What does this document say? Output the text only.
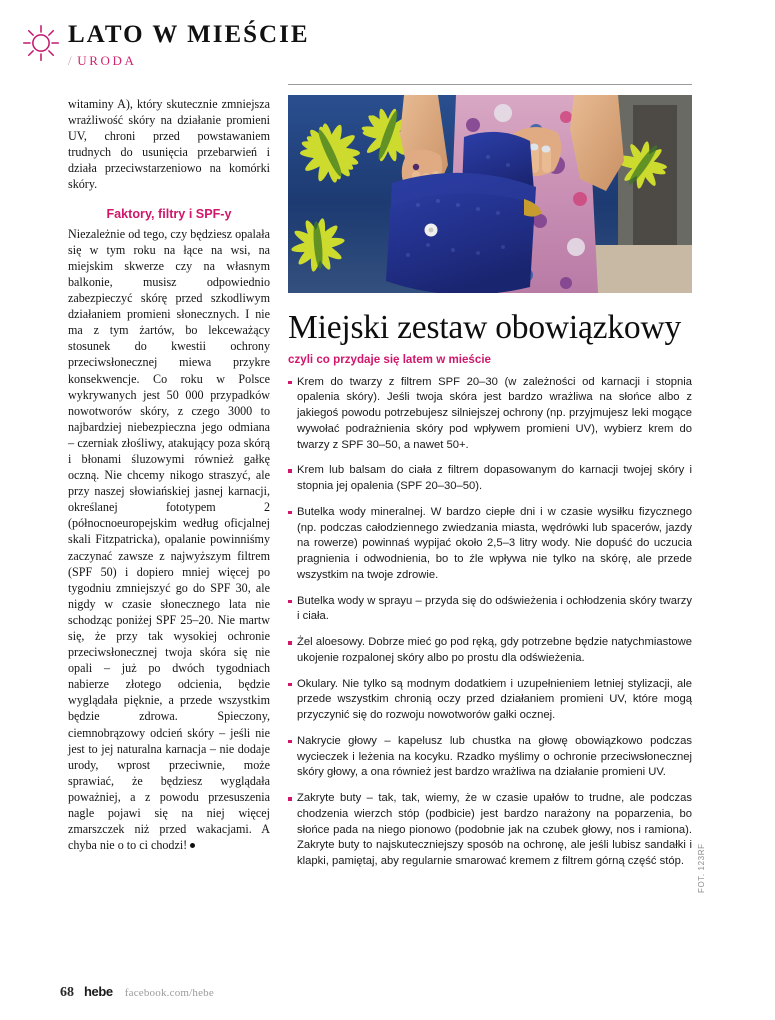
LATO W MIEŚCIE
/ URODA

witaminy A), który skutecznie zmniejsza wrażliwość skóry na działanie promieni UV, chroni przed powstawaniem trudnych do usunięcia przebarwień i działa przeciwstarzeniowo na komórki skóry.

Faktory, filtry i SPF-y

Niezależnie od tego, czy będziesz opalała się w tym roku na łące na wsi, na miejskim skwerze czy na własnym balkonie, musisz odpowiednio zabezpieczyć skórę przed szkodliwym działaniem promieni słonecznych. I nie ma z tym żartów, bo lekceważący stosunek do kwestii ochrony przeciwsłonecznej miewa przykre konsekwencje. Co roku w Polsce wykrywanych jest 50 000 przypadków nowotworów skóry, z czego 3000 to najbardziej niebezpieczna jego odmiana – czerniak złośliwy, atakujący poza skórą i błonami śluzowymi również gałkę oczną. Nie chcemy nikogo straszyć, ale przy naszej słowiańskiej jasnej karnacji, określanej fototypem 2 (północnoeuropejskim według oficjalnej skali Fitzpatricka), opalanie powinniśmy zaczynać zawsze z najwyższym filtrem (SPF 50) i dopiero mniej więcej po tygodniu zmniejszyć go do SPF 30, ale nigdy w czasie słonecznego lata nie schodząc poniżej SPF 25–20. Nie martw się, że przy tak wysokiej ochronie przeciwsłonecznej twoja skóra się nie opali – już po dwóch tygodniach nabierze złotego odcienia, będzie wyglądała pięknie, a przede wszystkim będzie zdrowa. Spieczony, ciemnobrązowy odcień skóry – jeśli nie jest to jej naturalna karnacja – nie dodaje urody, wprost przeciwnie, może sprawiać, że będziesz wyglądała poważniej, a z powodu przesuszenia nagle pojawi się na niej więcej zmarszczek niż przed wakacjami. A chyba nie o to ci chodzi!

Miejski zestaw obowiązkowy
czyli co przydaje się latem w mieście
Krem do twarzy z filtrem SPF 20–30 (w zależności od karnacji i stopnia opalenia skóry). Jeśli twoja skóra jest bardzo wrażliwa na słońce albo z jakiegoś powodu potrzebujesz silniejszej ochrony (np. przyjmujesz leki mogące wywołać podrażnienia skóry pod wpływem promieni UV), wybierz krem do twarzy z SPF 30–50, a nawet 50+.
Krem lub balsam do ciała z filtrem dopasowanym do karnacji twojej skóry i stopnia jej opalenia (SPF 20–30–50).
Butelka wody mineralnej. W bardzo ciepłe dni i w czasie wysiłku fizycznego (np. podczas całodziennego zwiedzania miasta, wędrówki lub spacerów, jazdy na rowerze) powinnaś wypijać około 2,5–3 litry wody. Nie dopuść do uczucia pragnienia i odwodnienia, bo to źle wpływa nie tylko na skórę, ale przede wszystkim na twoje zdrowie.
Butelka wody w sprayu – przyda się do odświeżenia i ochłodzenia skóry twarzy i ciała.
Żel aloesowy. Dobrze mieć go pod ręką, gdy potrzebne będzie natychmiastowe ukojenie rozpalonej skóry albo po prostu dla odświeżenia.
Okulary. Nie tylko są modnym dodatkiem i uzupełnieniem letniej stylizacji, ale przede wszystkim chronią oczy przed działaniem promieni UV, które mogą przyczynić się do rozwoju nowotworów gałki ocznej.
Nakrycie głowy – kapelusz lub chustka na głowę obowiązkowo podczas wycieczek i leżenia na kocyku. Rzadko myślimy o ochronie przeciwsłonecznej skóry głowy, a ona również jest bardzo wrażliwa na działanie promieni UV.
Zakryte buty – tak, tak, wiemy, że w czasie upałów to trudne, ale podczas chodzenia wierzch stóp (podbicie) jest bardzo narażony na poparzenia, bo słońce pada na niego pionowo (podobnie jak na czubek głowy, nos i ramiona). Zakryte buty to najskuteczniejszy sposób na ochronę, ale jeśli lubisz sandałki i klapki, pamiętaj, aby regularnie smarować kremem z filtrem górną część stóp.	FOT. 123RF
68 hebe facebook.com/hebe
